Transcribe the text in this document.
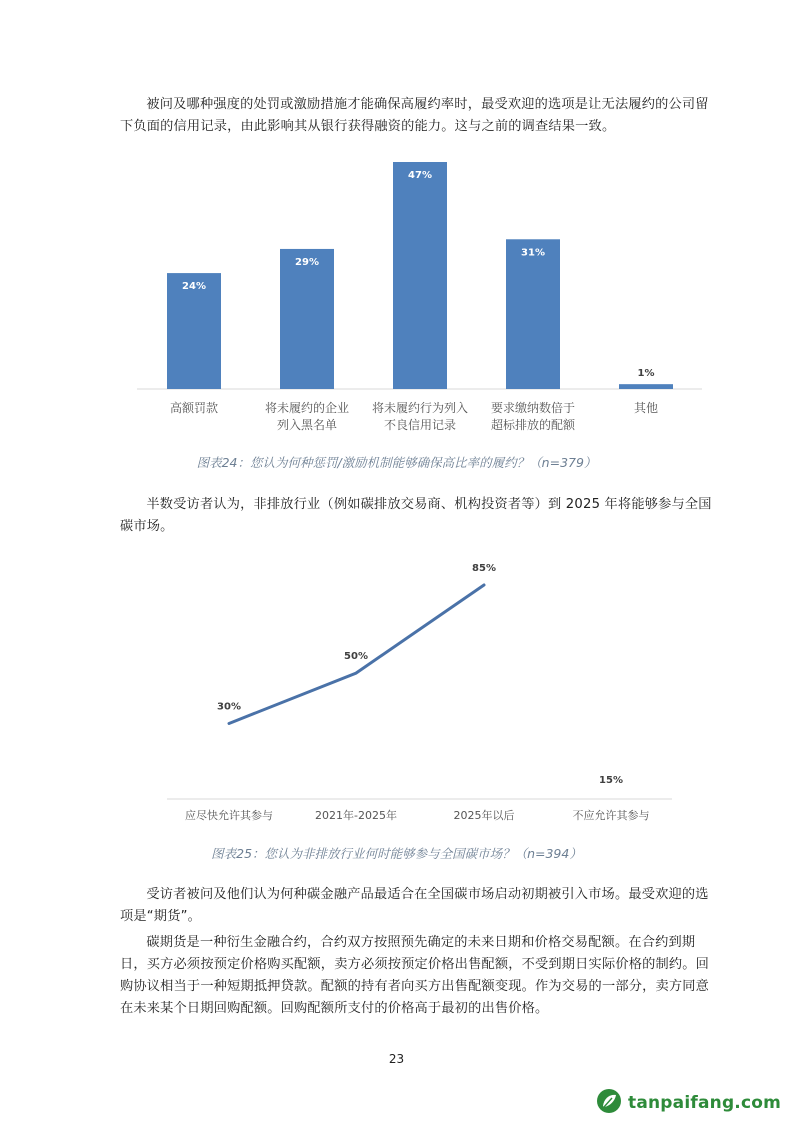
被问及哪种强度的处罚或激励措施才能确保高履约率时，最受欢迎的选项是让无法履约的公司留下负面的信用记录，由此影响其从银行获得融资的能力。这与之前的调查结果一致。

24%
高额罚款
29%
将未履约的企业
列入黑名单
47%
将未履约行为列入
不良信用记录
31%
要求缴纳数倍于
超标排放的配额
1%
其他
图表24：您认为何种惩罚/激励机制能够确保高比率的履约？（n=379）

半数受访者认为，非排放行业（例如碳排放交易商、机构投资者等）到 2025 年将能够参与全国碳市场。

30%
应尽快允许其参与
50%
2021年-2025年
85%
2025年以后
15%
不应允许其参与
图表25：您认为非排放行业何时能够参与全国碳市场？（n=394）

受访者被问及他们认为何种碳金融产品最适合在全国碳市场启动初期被引入市场。最受欢迎的选项是“期货”。

碳期货是一种衍生金融合约，合约双方按照预先确定的未来日期和价格交易配额。在合约到期日，买方必须按预定价格购买配额，卖方必须按预定价格出售配额，不受到期日实际价格的制约。回购协议相当于一种短期抵押贷款。配额的持有者向买方出售配额变现。作为交易的一部分，卖方同意在未来某个日期回购配额。回购配额所支付的价格高于最初的出售价格。

23
tanpaifang.com
